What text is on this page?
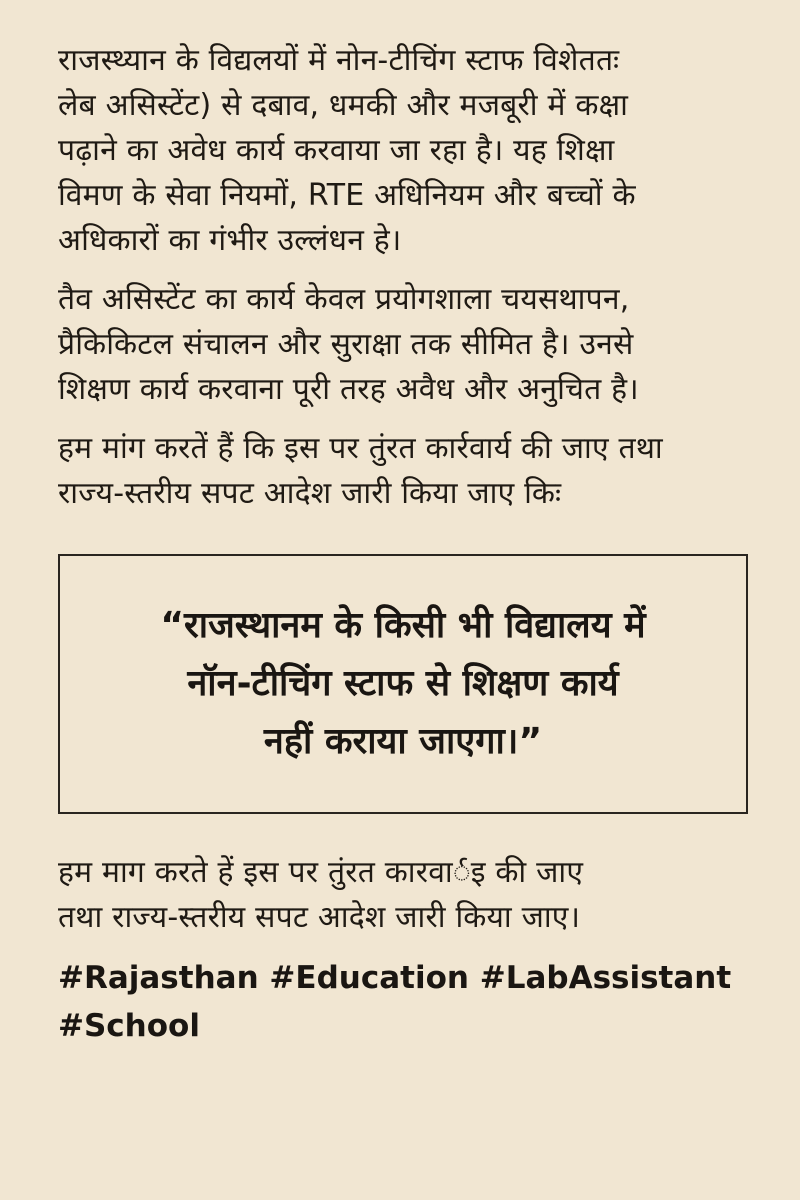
राजस्थ्यान के विद्यलयों में नोन-टीचिंग स्टाफ विशेततः
लेब असिस्टेंट) से दबाव, धमकी और मजबूरी में कक्षा
पढ़ाने का अवेध कार्य करवाया जा रहा है। यह शिक्षा
विमण के सेवा नियमों, RTE अधिनियम और बच्चों के
अधिकारों का गंभीर उल्लंधन हे।

तैव असिस्टेंट का कार्य केवल प्रयोगशाला चयसथापन,
प्रैकिकिटल संचालन और सुराक्षा तक सीमित है। उनसे
शिक्षण कार्य करवाना पूरी तरह अवैध और अनुचित है।

हम मांग करतें हैं कि इस पर तुंरत कार्रवार्य की जाए तथा
राज्य-स्तरीय सपट आदेश जारी किया जाए किः

“राजस्थानम के किसी भी विद्यालय में
नॉन-टीचिंग स्टाफ से शिक्षण कार्य
नहीं कराया जाएगा।”

हम माग करते हें इस पर तुंरत कारवार्इ की जाए
तथा राज्य-स्तरीय सपट आदेश जारी किया जाए।

#Rajasthan #Education #LabAssistant
#School
